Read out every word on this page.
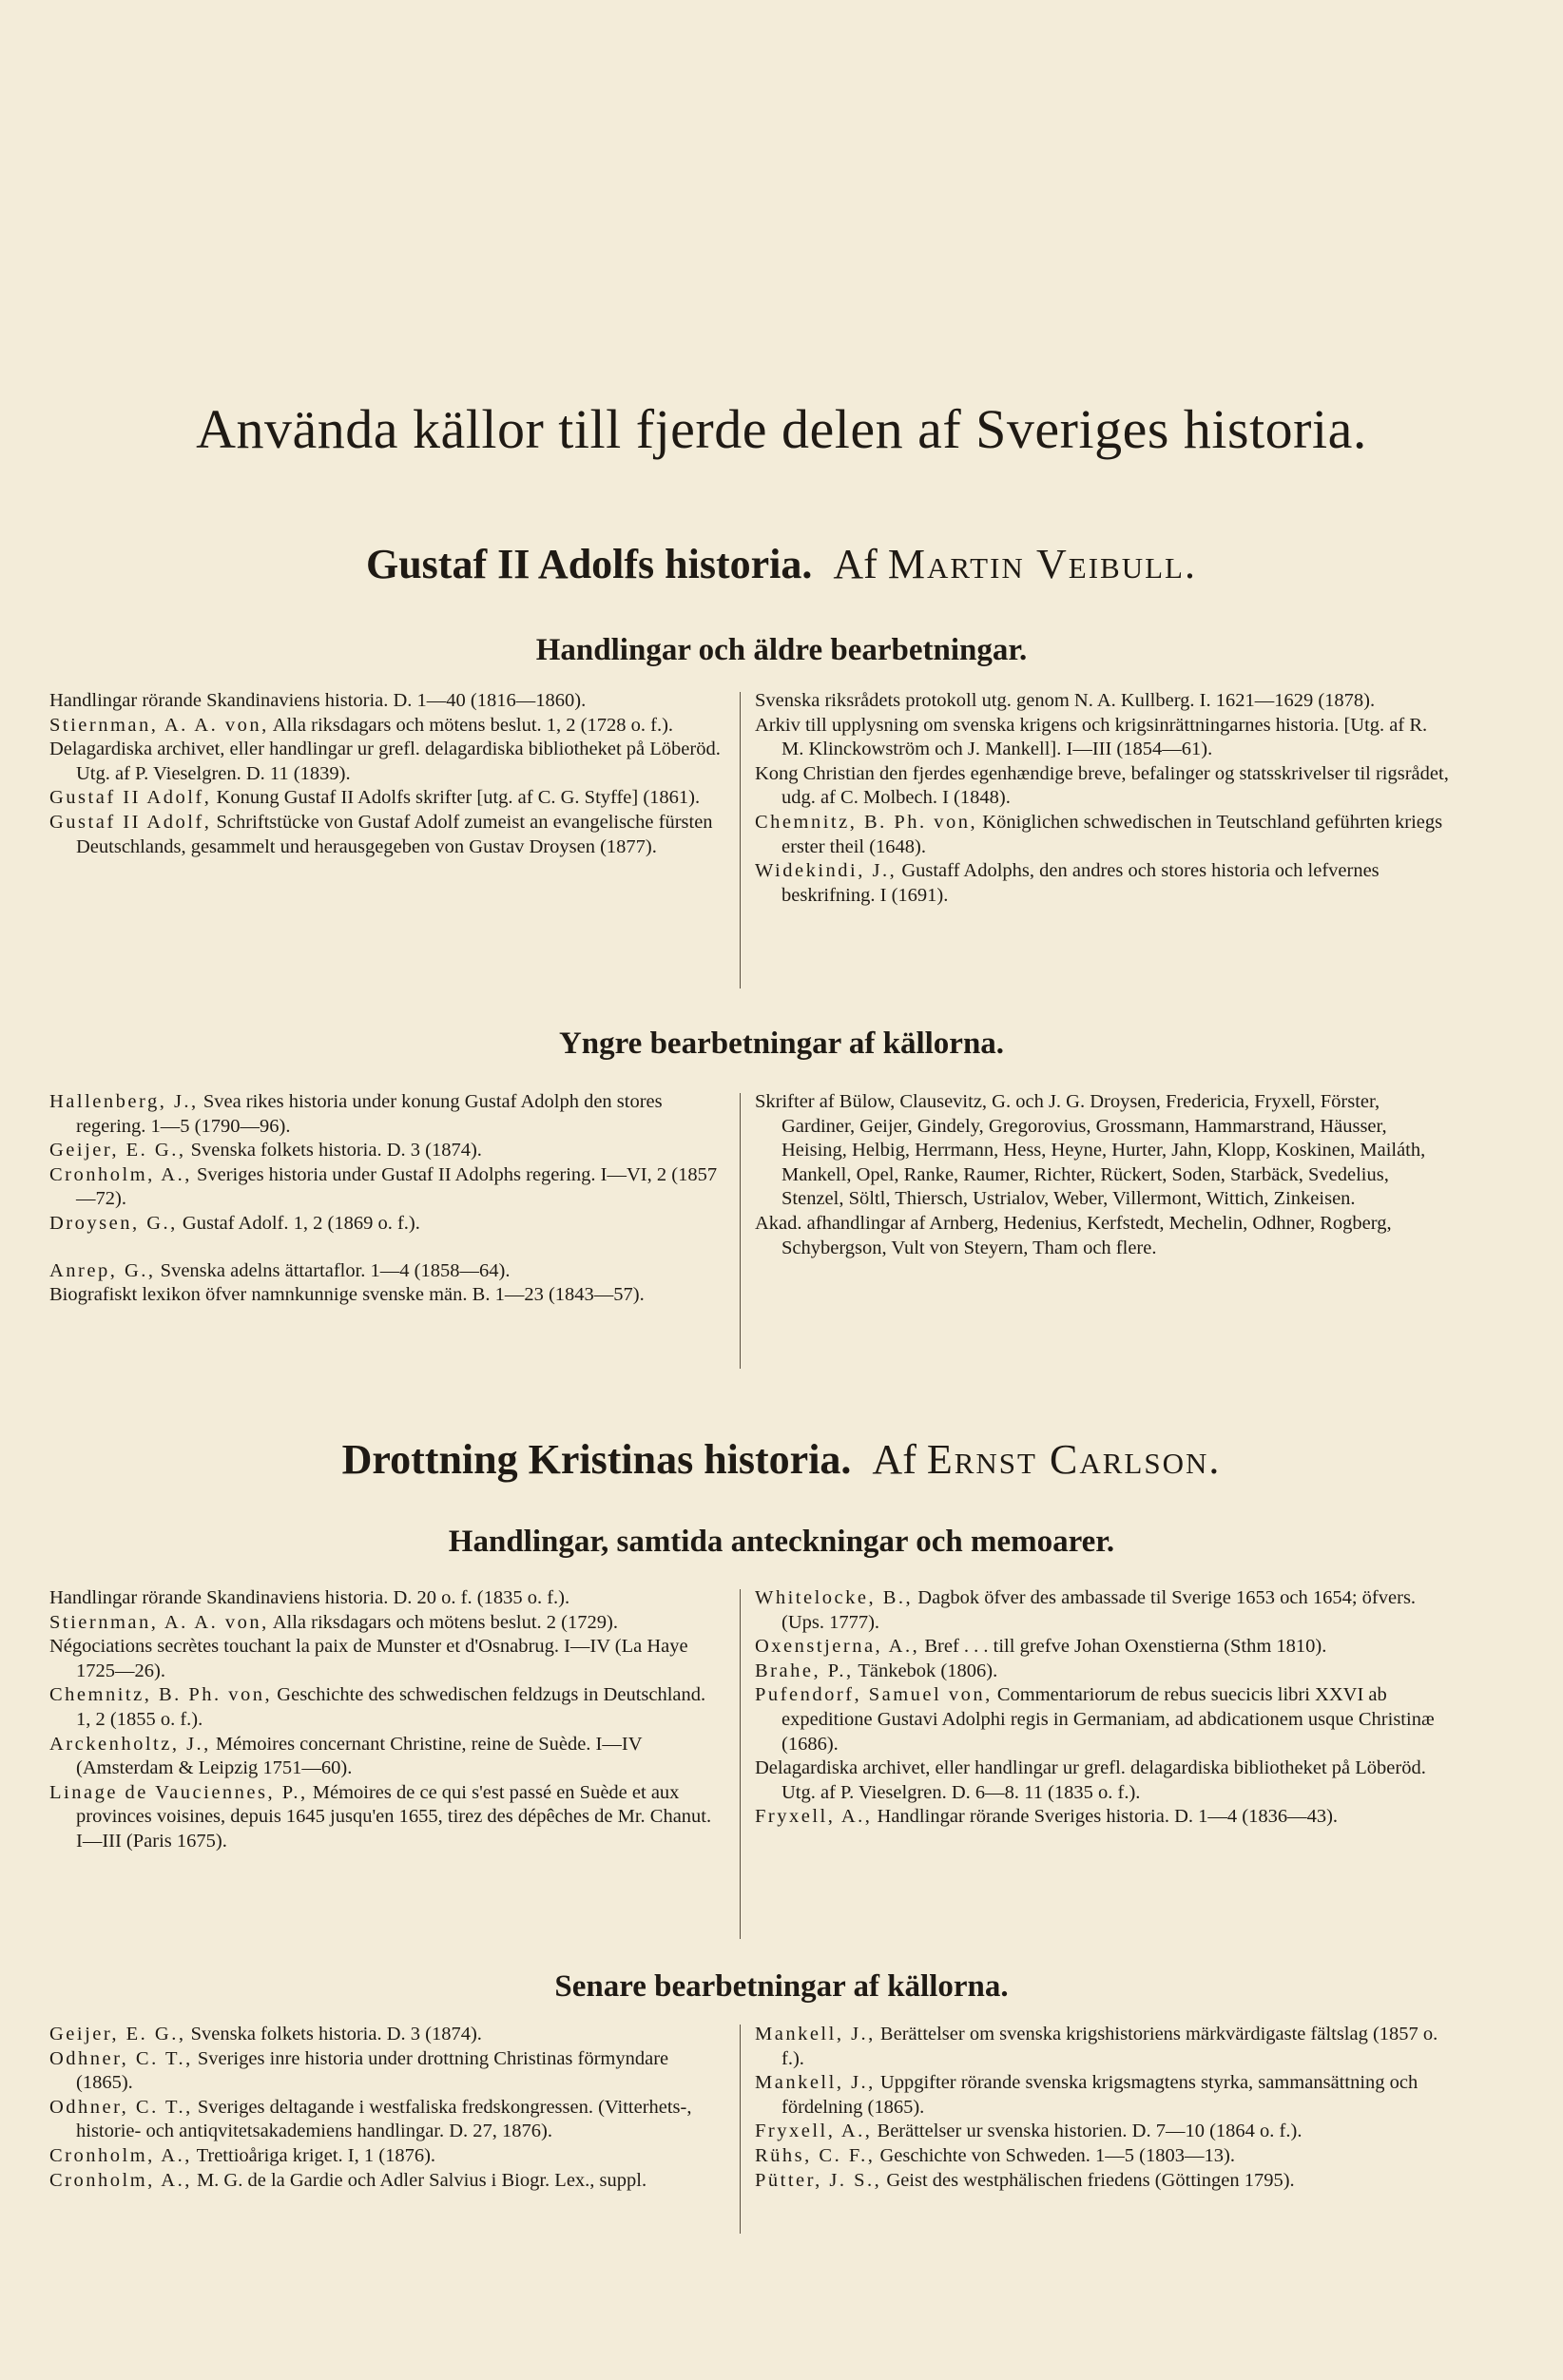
Använda källor till fjerde delen af Sveriges historia.
Gustaf II Adolfs historia. Af Martin Veibull.
Handlingar och äldre bearbetningar.

Handlingar rörande Skandinaviens historia. D. 1—40 (1816—1860).

Stiernman, A. A. von, Alla riksdagars och mötens beslut. 1, 2 (1728 o. f.).

Delagardiska archivet, eller handlingar ur grefl. delagardiska bibliotheket på Löberöd. Utg. af P. Vieselgren. D. 11 (1839).

Gustaf II Adolf, Konung Gustaf II Adolfs skrifter [utg. af C. G. Styffe] (1861).

Gustaf II Adolf, Schriftstücke von Gustaf Adolf zumeist an evangelische fürsten Deutschlands, gesammelt und herausgegeben von Gustav Droysen (1877).

Svenska riksrådets protokoll utg. genom N. A. Kullberg. I. 1621—1629 (1878).

Arkiv till upplysning om svenska krigens och krigsinrättningarnes historia. [Utg. af R. M. Klinckowström och J. Mankell]. I—III (1854—61).

Kong Christian den fjerdes egenhændige breve, befalinger og statsskrivelser til rigsrådet, udg. af C. Molbech. I (1848).

Chemnitz, B. Ph. von, Königlichen schwedischen in Teutschland geführten kriegs erster theil (1648).

Widekindi, J., Gustaff Adolphs, den andres och stores historia och lefvernes beskrifning. I (1691).

Yngre bearbetningar af källorna.

Hallenberg, J., Svea rikes historia under konung Gustaf Adolph den stores regering. 1—5 (1790—96).

Geijer, E. G., Svenska folkets historia. D. 3 (1874).

Cronholm, A., Sveriges historia under Gustaf II Adolphs regering. I—VI, 2 (1857—72).

Droysen, G., Gustaf Adolf. 1, 2 (1869 o. f.).

Anrep, G., Svenska adelns ättartaflor. 1—4 (1858—64).

Biografiskt lexikon öfver namnkunnige svenske män. B. 1—23 (1843—57).

Skrifter af Bülow, Clausevitz, G. och J. G. Droysen, Fredericia, Fryxell, Förster, Gardiner, Geijer, Gindely, Gregorovius, Grossmann, Hammarstrand, Häusser, Heising, Helbig, Herrmann, Hess, Heyne, Hurter, Jahn, Klopp, Koskinen, Mailáth, Mankell, Opel, Ranke, Raumer, Richter, Rückert, Soden, Starbäck, Svedelius, Stenzel, Söltl, Thiersch, Ustrialov, Weber, Villermont, Wittich, Zinkeisen.

Akad. afhandlingar af Arnberg, Hedenius, Kerfstedt, Mechelin, Odhner, Rogberg, Schybergson, Vult von Steyern, Tham och flere.

Drottning Kristinas historia. Af Ernst Carlson.
Handlingar, samtida anteckningar och memoarer.

Handlingar rörande Skandinaviens historia. D. 20 o. f. (1835 o. f.).

Stiernman, A. A. von, Alla riksdagars och mötens beslut. 2 (1729).

Négociations secrètes touchant la paix de Munster et d'Osnabrug. I—IV (La Haye 1725—26).

Chemnitz, B. Ph. von, Geschichte des schwedischen feldzugs in Deutschland. 1, 2 (1855 o. f.).

Arckenholtz, J., Mémoires concernant Christine, reine de Suède. I—IV (Amsterdam & Leipzig 1751—60).

Linage de Vauciennes, P., Mémoires de ce qui s'est passé en Suède et aux provinces voisines, depuis 1645 jusqu'en 1655, tirez des dépêches de Mr. Chanut. I—III (Paris 1675).

Whitelocke, B., Dagbok öfver des ambassade til Sverige 1653 och 1654; öfvers. (Ups. 1777).

Oxenstjerna, A., Bref . . . till grefve Johan Oxenstierna (Sthm 1810).

Brahe, P., Tänkebok (1806).

Pufendorf, Samuel von, Commentariorum de rebus suecicis libri XXVI ab expeditione Gustavi Adolphi regis in Germaniam, ad abdicationem usque Christinæ (1686).

Delagardiska archivet, eller handlingar ur grefl. delagardiska bibliotheket på Löberöd. Utg. af P. Vieselgren. D. 6—8. 11 (1835 o. f.).

Fryxell, A., Handlingar rörande Sveriges historia. D. 1—4 (1836—43).

Senare bearbetningar af källorna.

Geijer, E. G., Svenska folkets historia. D. 3 (1874).

Odhner, C. T., Sveriges inre historia under drottning Christinas förmyndare (1865).

Odhner, C. T., Sveriges deltagande i westfaliska fredskongressen. (Vitterhets-, historie- och antiqvitetsakademiens handlingar. D. 27, 1876).

Cronholm, A., Trettioåriga kriget. I, 1 (1876).

Cronholm, A., M. G. de la Gardie och Adler Salvius i Biogr. Lex., suppl.

Mankell, J., Berättelser om svenska krigshistoriens märkvärdigaste fältslag (1857 o. f.).

Mankell, J., Uppgifter rörande svenska krigsmagtens styrka, sammansättning och fördelning (1865).

Fryxell, A., Berättelser ur svenska historien. D. 7—10 (1864 o. f.).

Rühs, C. F., Geschichte von Schweden. 1—5 (1803—13).

Pütter, J. S., Geist des westphälischen friedens (Göttingen 1795).
